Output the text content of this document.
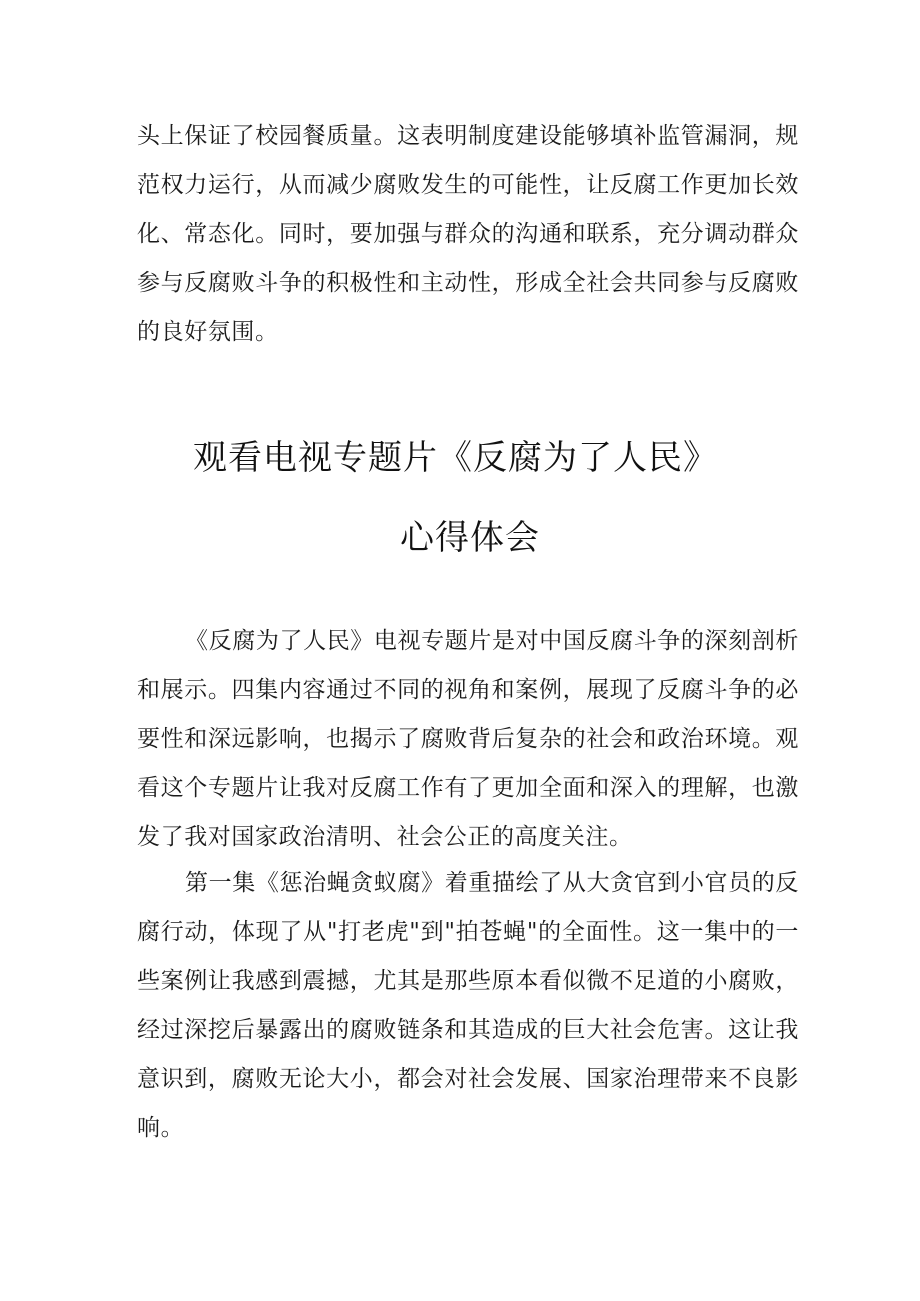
头上保证了校园餐质量。这表明制度建设能够填补监管漏洞，规范权力运行，从而减少腐败发生的可能性，让反腐工作更加长效化、常态化。同时，要加强与群众的沟通和联系，充分调动群众参与反腐败斗争的积极性和主动性，形成全社会共同参与反腐败的良好氛围。

观看电视专题片《反腐为了人民》
心得体会

《反腐为了人民》电视专题片是对中国反腐斗争的深刻剖析和展示。四集内容通过不同的视角和案例，展现了反腐斗争的必要性和深远影响，也揭示了腐败背后复杂的社会和政治环境。观看这个专题片让我对反腐工作有了更加全面和深入的理解，也激发了我对国家政治清明、社会公正的高度关注。

第一集《惩治蝇贪蚁腐》着重描绘了从大贪官到小官员的反腐行动，体现了从"打老虎"到"拍苍蝇"的全面性。这一集中的一些案例让我感到震撼，尤其是那些原本看似微不足道的小腐败，经过深挖后暴露出的腐败链条和其造成的巨大社会危害。这让我意识到，腐败无论大小，都会对社会发展、国家治理带来不良影响。
